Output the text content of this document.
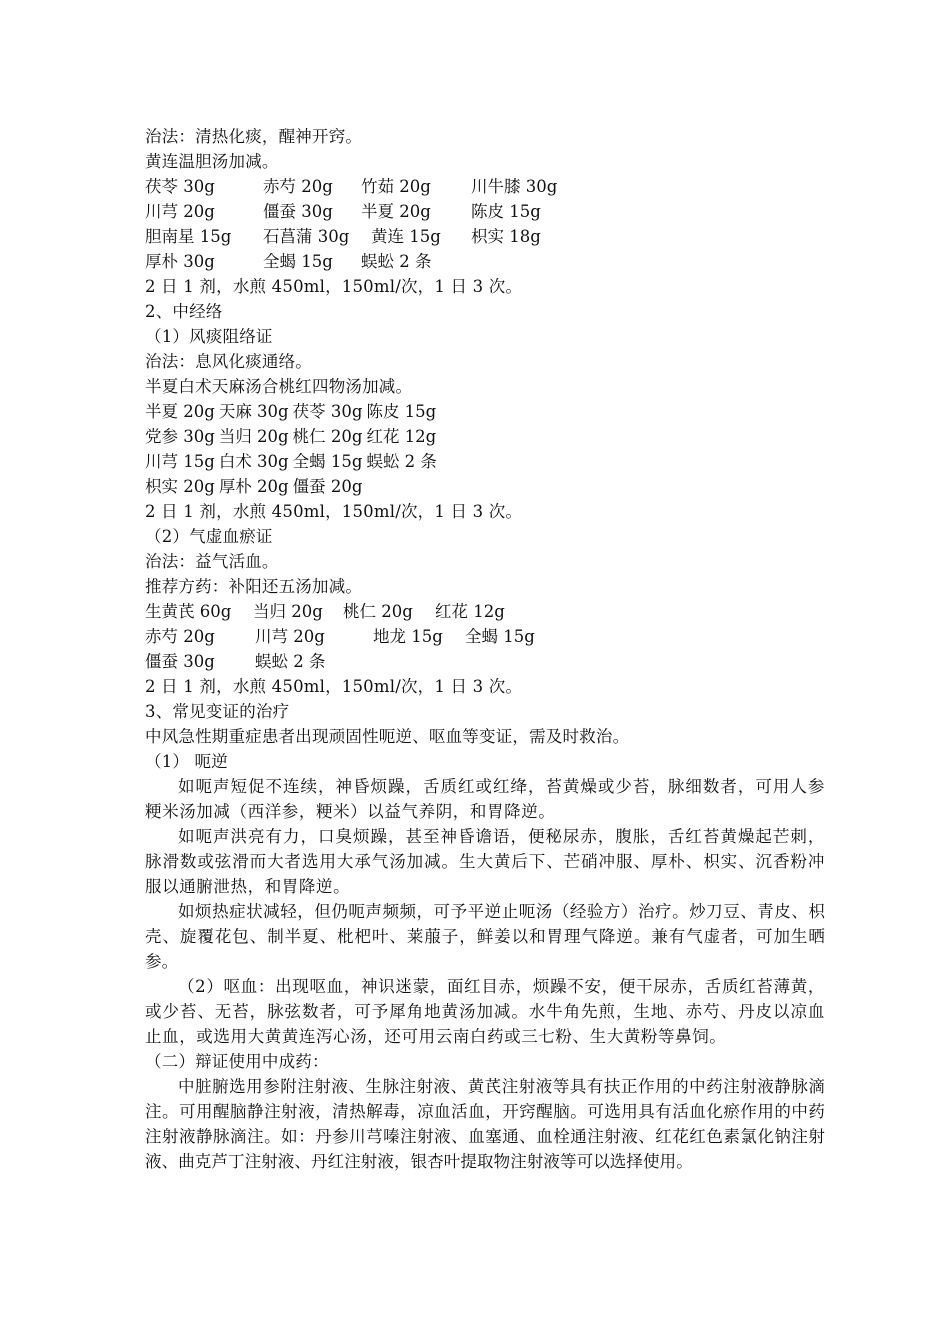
治法：清热化痰，醒神开窍。
黄连温胆汤加减。
茯苓 30g	赤芍 20g	竹茹 20g	川牛膝 30g
川芎 20g	僵蚕 30g	半夏 20g	陈皮 15g
胆南星 15g	石菖蒲 30g	黄连 15g	枳实 18g
厚朴 30g	全蝎 15g	蜈蚣 2 条
2 日 1 剂，水煎 450ml，150ml/次，1 日 3 次。
2、中经络
（1）风痰阻络证
治法：息风化痰通络。
半夏白术天麻汤合桃红四物汤加减。
半夏 20g 天麻 30g 茯苓 30g 陈皮 15g
党参 30g 当归 20g 桃仁 20g 红花 12g
川芎 15g 白术 30g 全蝎 15g 蜈蚣 2 条
枳实 20g 厚朴 20g 僵蚕 20g
2 日 1 剂，水煎 450ml，150ml/次，1 日 3 次。
（2）气虚血瘀证
治法：益气活血。
推荐方药：补阳还五汤加减。
生黄芪 60g	当归 20g	桃仁 20g	红花 12g
赤芍 20g	川芎 20g	地龙 15g	全蝎 15g
僵蚕 30g	蜈蚣 2 条
2 日 1 剂，水煎 450ml，150ml/次，1 日 3 次。
3、常见变证的治疗
中风急性期重症患者出现顽固性呃逆、呕血等变证，需及时救治。
（1） 呃逆

如呃声短促不连续，神昏烦躁，舌质红或红绛，苔黄燥或少苔，脉细数者，可用人参粳米汤加减（西洋参，粳米）以益气养阴，和胃降逆。

如呃声洪亮有力，口臭烦躁，甚至神昏谵语，便秘尿赤，腹胀，舌红苔黄燥起芒刺，脉滑数或弦滑而大者选用大承气汤加减。生大黄后下、芒硝冲服、厚朴、枳实、沉香粉冲服以通腑泄热，和胃降逆。

如烦热症状减轻，但仍呃声频频，可予平逆止呃汤（经验方）治疗。炒刀豆、青皮、枳壳、旋覆花包、制半夏、枇杷叶、莱菔子，鲜姜以和胃理气降逆。兼有气虚者，可加生晒参。

（2）呕血：出现呕血，神识迷蒙，面红目赤，烦躁不安，便干尿赤，舌质红苔薄黄，或少苔、无苔，脉弦数者，可予犀角地黄汤加减。水牛角先煎，生地、赤芍、丹皮以凉血止血，或选用大黄黄连泻心汤，还可用云南白药或三七粉、生大黄粉等鼻饲。

（二）辩证使用中成药：

中脏腑选用参附注射液、生脉注射液、黄芪注射液等具有扶正作用的中药注射液静脉滴注。可用醒脑静注射液，清热解毒，凉血活血，开窍醒脑。可选用具有活血化瘀作用的中药注射液静脉滴注。如：丹参川芎嗪注射液、血塞通、血栓通注射液、红花红色素氯化钠注射液、曲克芦丁注射液、丹红注射液，银杏叶提取物注射液等可以选择使用。
